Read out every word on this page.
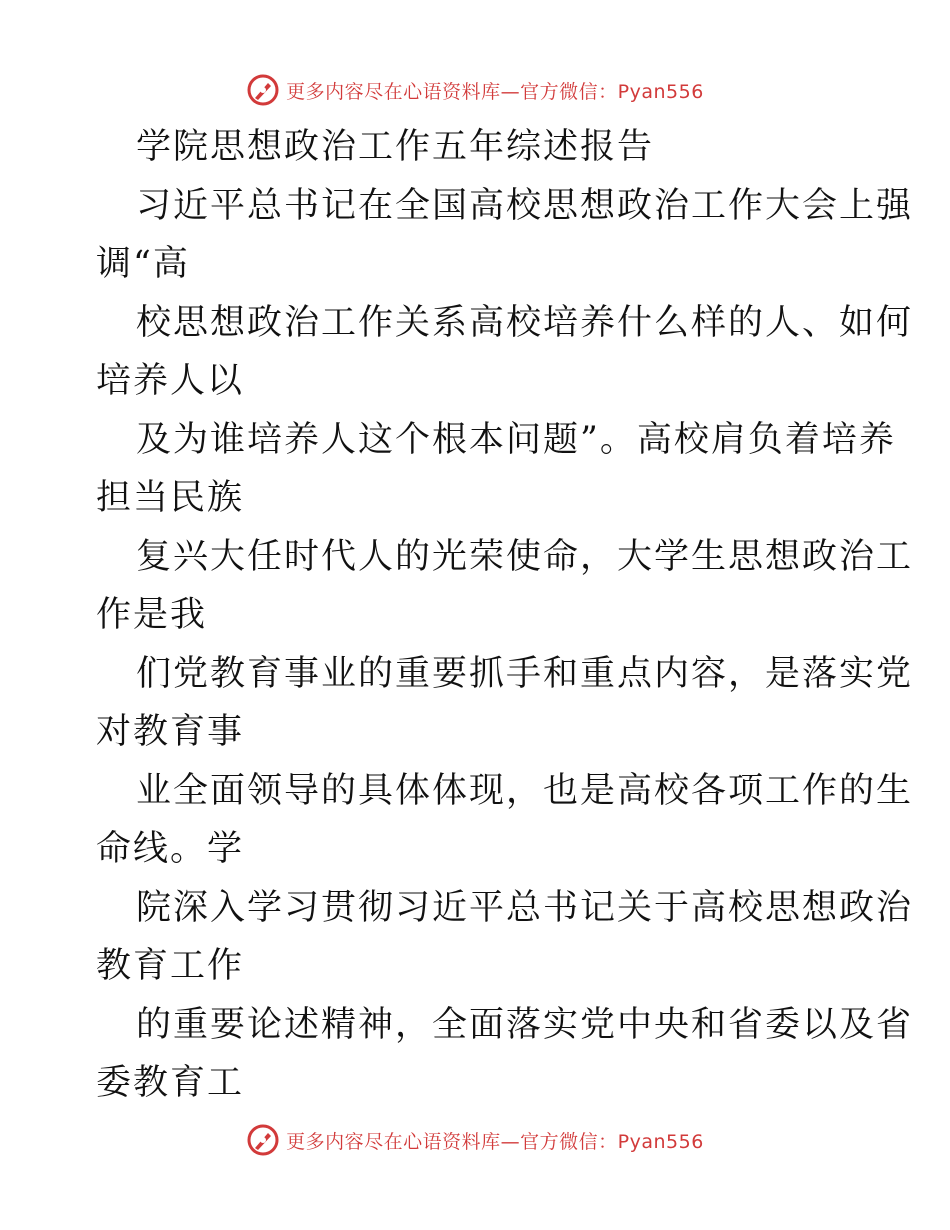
更多内容尽在心语资料库—官方微信：Pyan556
学院思想政治工作五年综述报告
习近平总书记在全国高校思想政治工作大会上强
调“高
校思想政治工作关系高校培养什么样的人、如何
培养人以
及为谁培养人这个根本问题”。高校肩负着培养
担当民族
复兴大任时代人的光荣使命，大学生思想政治工
作是我
们党教育事业的重要抓手和重点内容，是落实党
对教育事
业全面领导的具体体现，也是高校各项工作的生
命线。学
院深入学习贯彻习近平总书记关于高校思想政治
教育工作
的重要论述精神，全面落实党中央和省委以及省
委教育工
更多内容尽在心语资料库—官方微信：Pyan556
